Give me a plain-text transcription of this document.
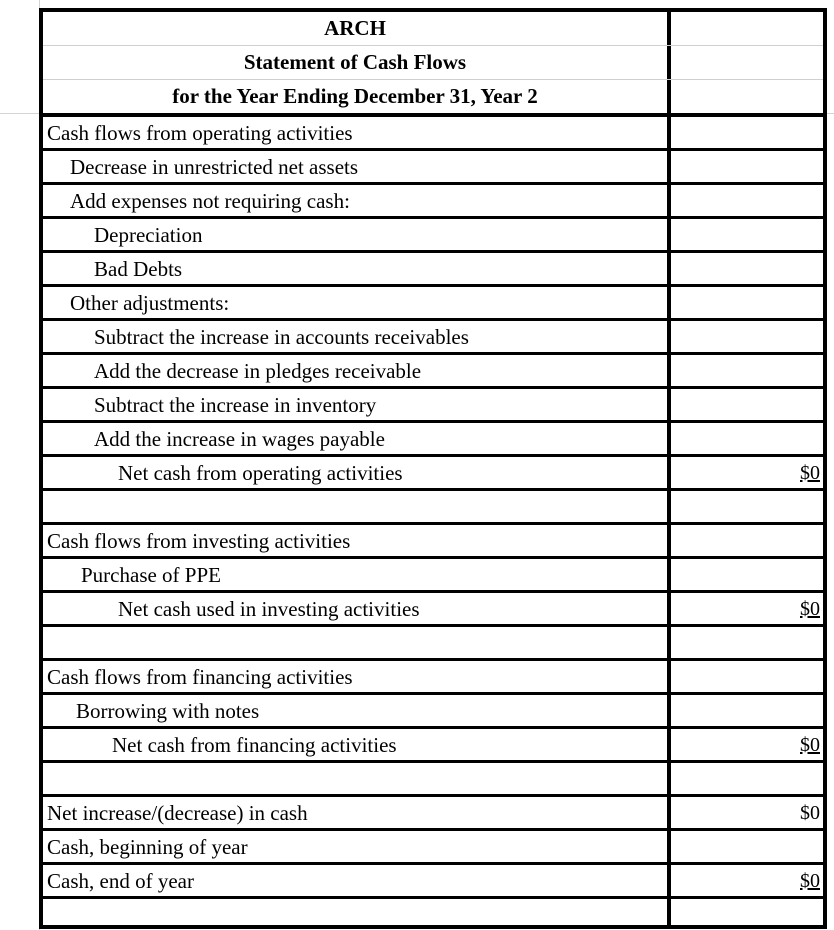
ARCH
Statement of Cash Flows
for the Year Ending December 31, Year 2
Cash flows from operating activities
Decrease in unrestricted net assets
Add expenses not requiring cash:
Depreciation
Bad Debts
Other adjustments:
Subtract the increase in accounts receivables
Add the decrease in pledges receivable
Subtract the increase in inventory
Add the increase in wages payable
Net cash from operating activities	$0
Cash flows from investing activities
Purchase of PPE
Net cash used in investing activities	$0
Cash flows from financing activities
Borrowing with notes
Net cash from financing activities	$0
Net increase/(decrease) in cash	$0
Cash, beginning of year
Cash, end of year	$0
